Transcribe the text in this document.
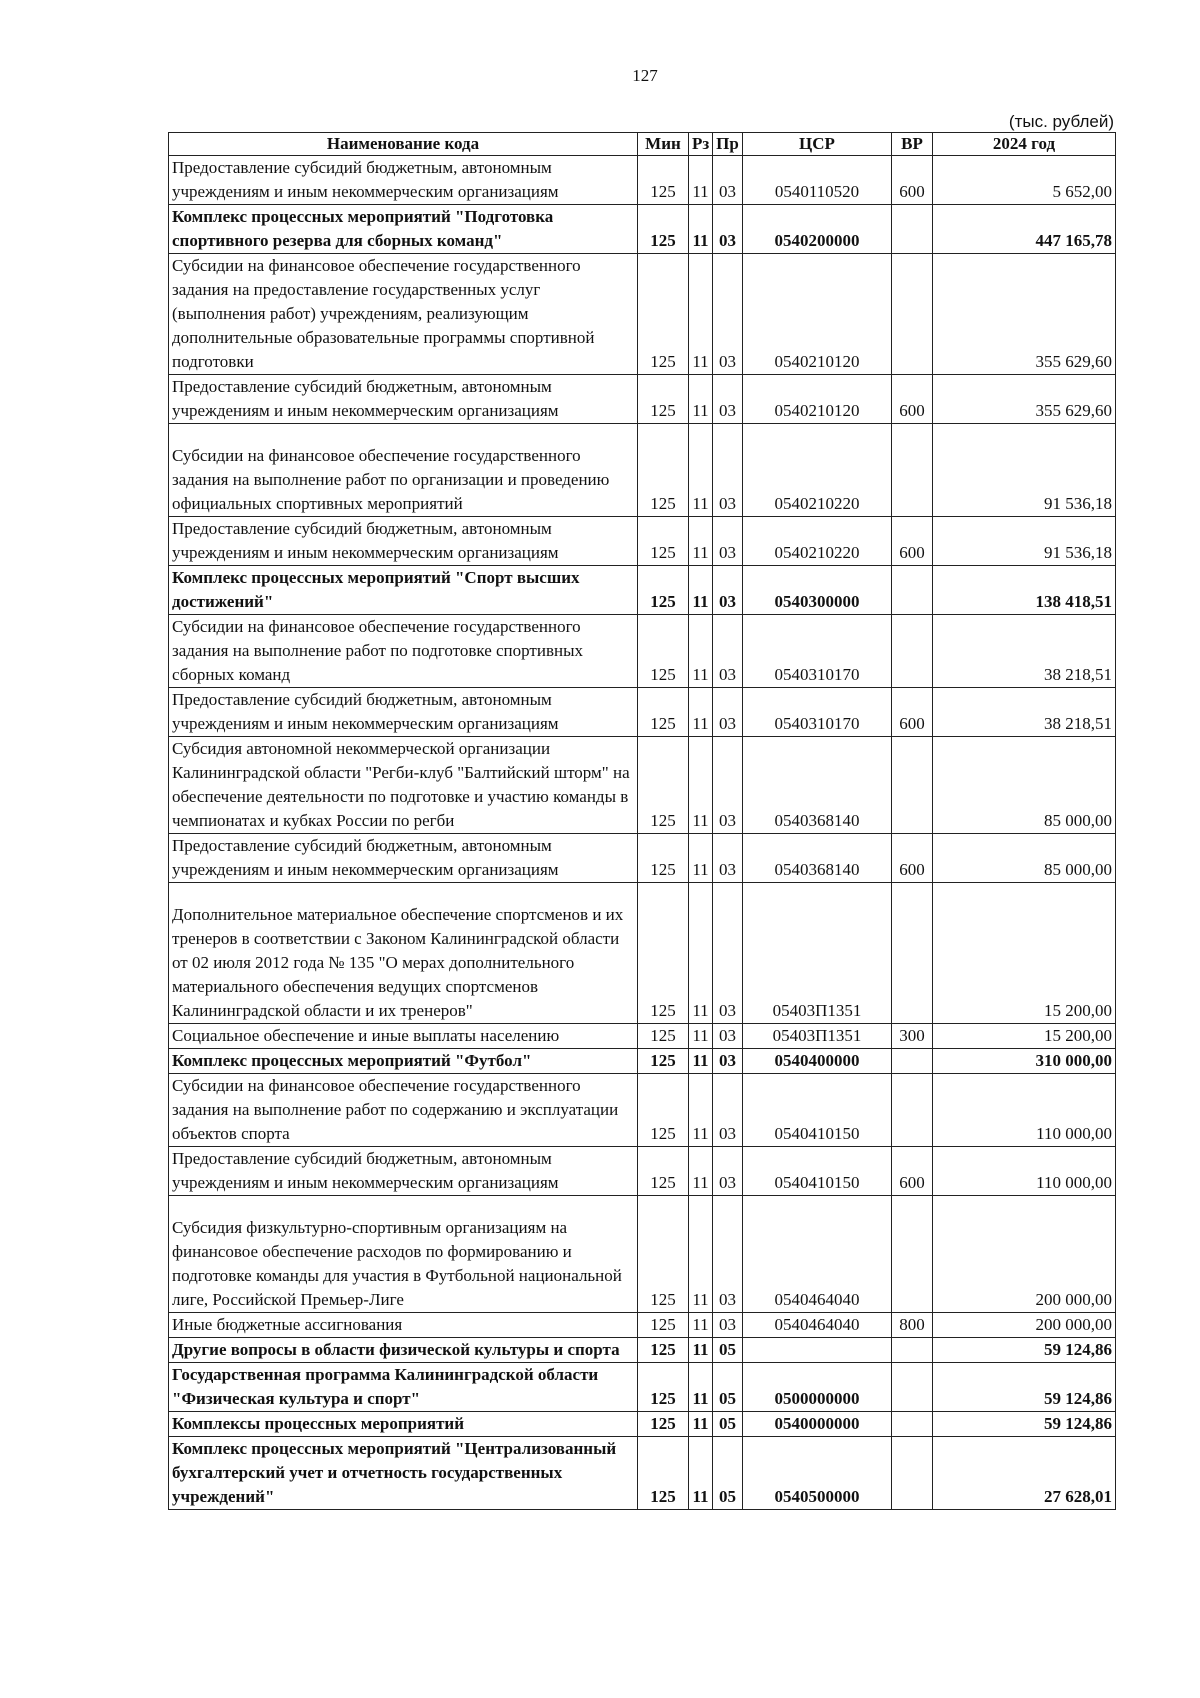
127
(тыс. рублей)
Наименование кода	Мин	Рз	Пр	ЦСР	ВР	2024 год
Предоставление субсидий бюджетным, автономным учреждениям и иным некоммерческим организациям	125	11	03	0540110520	600	5 652,00
Комплекс процессных мероприятий "Подготовка спортивного резерва для сборных команд"	125	11	03	0540200000		447 165,78
Субсидии на финансовое обеспечение государственного задания на предоставление государственных услуг (выполнения работ) учреждениям, реализующим дополнительные образовательные программы спортивной подготовки	125	11	03	0540210120		355 629,60
Предоставление субсидий бюджетным, автономным учреждениям и иным некоммерческим организациям	125	11	03	0540210120	600	355 629,60
Субсидии на финансовое обеспечение государственного задания на выполнение работ по организации и проведению официальных спортивных мероприятий	125	11	03	0540210220		91 536,18
Предоставление субсидий бюджетным, автономным учреждениям и иным некоммерческим организациям	125	11	03	0540210220	600	91 536,18
Комплекс процессных мероприятий "Спорт высших достижений"	125	11	03	0540300000		138 418,51
Субсидии на финансовое обеспечение государственного задания на выполнение работ по подготовке спортивных сборных команд	125	11	03	0540310170		38 218,51
Предоставление субсидий бюджетным, автономным учреждениям и иным некоммерческим организациям	125	11	03	0540310170	600	38 218,51
Субсидия автономной некоммерческой организации Калининградской области "Регби-клуб "Балтийский шторм" на обеспечение деятельности по подготовке и участию команды в чемпионатах и кубках России по регби	125	11	03	0540368140		85 000,00
Предоставление субсидий бюджетным, автономным учреждениям и иным некоммерческим организациям	125	11	03	0540368140	600	85 000,00
Дополнительное материальное обеспечение спортсменов и их тренеров в соответствии с Законом Калининградской области от 02 июля 2012 года № 135 "О мерах дополнительного материального обеспечения ведущих спортсменов Калининградской области и их тренеров"	125	11	03	05403П1351		15 200,00
Социальное обеспечение и иные выплаты населению	125	11	03	05403П1351	300	15 200,00
Комплекс процессных мероприятий "Футбол"	125	11	03	0540400000		310 000,00
Субсидии на финансовое обеспечение государственного задания на выполнение работ по содержанию и эксплуатации объектов спорта	125	11	03	0540410150		110 000,00
Предоставление субсидий бюджетным, автономным учреждениям и иным некоммерческим организациям	125	11	03	0540410150	600	110 000,00
Субсидия физкультурно-спортивным организациям на финансовое обеспечение расходов по формированию и подготовке команды для участия в Футбольной национальной лиге, Российской Премьер-Лиге	125	11	03	0540464040		200 000,00
Иные бюджетные ассигнования	125	11	03	0540464040	800	200 000,00
Другие вопросы в области физической культуры и спорта	125	11	05			59 124,86
Государственная программа Калининградской области "Физическая культура и спорт"	125	11	05	0500000000		59 124,86
Комплексы процессных мероприятий	125	11	05	0540000000		59 124,86
Комплекс процессных мероприятий "Централизованный бухгалтерский учет и отчетность государственных учреждений"	125	11	05	0540500000		27 628,01
